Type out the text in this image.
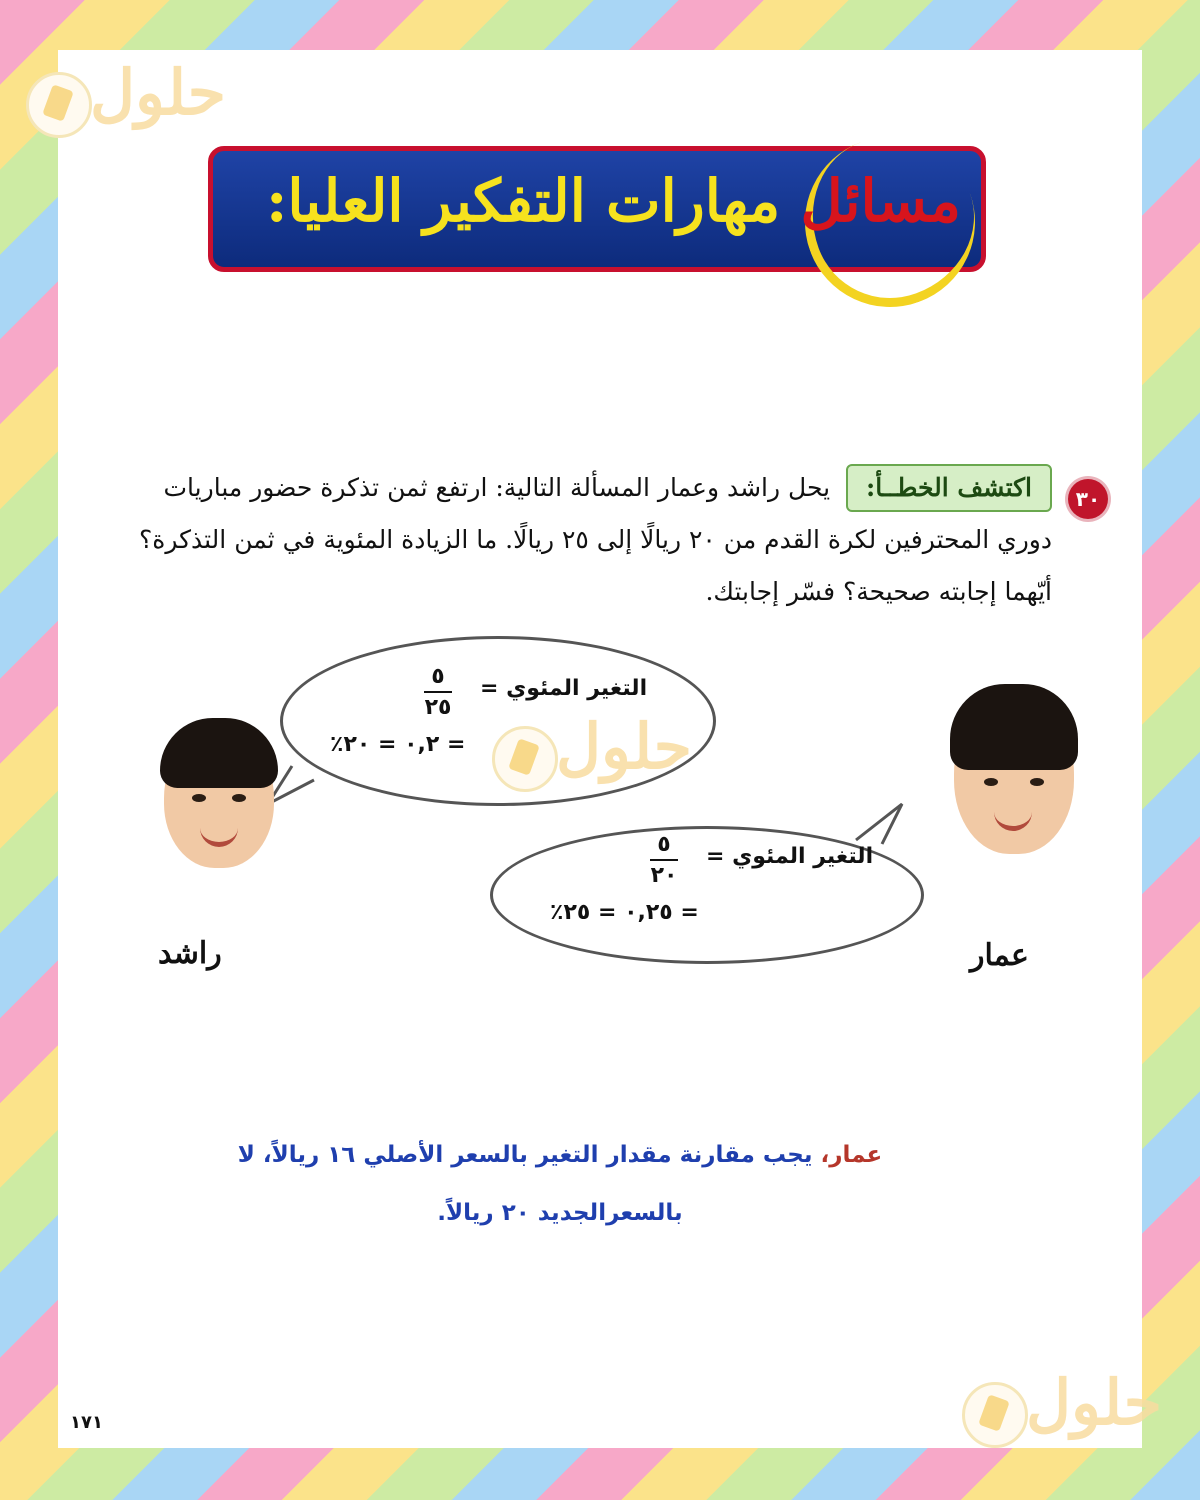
حلول
مسائل مهارات التفكير العليا:
٣٠
اكتشف الخطــأ: يحل راشد وعمار المسألة التالية: ارتفع ثمن تذكرة حضور مباريات دوري المحترفين لكرة القدم من ٢٠ ريالًا إلى ٢٥ ريالًا. ما الزيادة المئوية في ثمن التذكرة؟ أيّهما إجابته صحيحة؟ فسّر إجابتك.
التغير المئوي =
٥
٢٥
= ٠,٢ = ٢٠٪
التغير المئوي =
٥
٢٠
= ٠,٢٥ = ٢٥٪
حلول
راشد	عمار
عمار، يجب مقارنة مقدار التغير بالسعر الأصلي ١٦ ريالاً، لا
بالسعرالجديد ٢٠ ريالاً.
حلول
١٧١
